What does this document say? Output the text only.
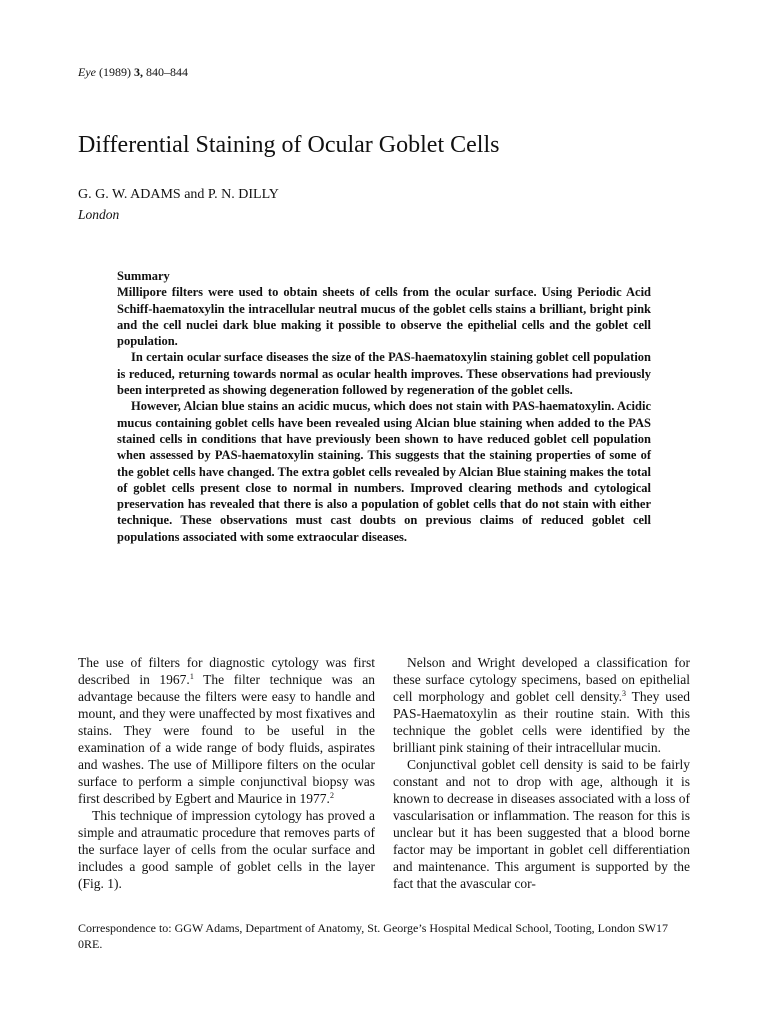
Eye (1989) 3, 840–844
Differential Staining of Ocular Goblet Cells
G. G. W. ADAMS and P. N. DILLY
London
Summary

Millipore filters were used to obtain sheets of cells from the ocular surface. Using Periodic Acid Schiff-haematoxylin the intracellular neutral mucus of the goblet cells stains a brilliant, bright pink and the cell nuclei dark blue making it possible to observe the epithelial cells and the goblet cell population.

In certain ocular surface diseases the size of the PAS-haematoxylin staining goblet cell population is reduced, returning towards normal as ocular health improves. These observations had previously been interpreted as showing degeneration followed by regeneration of the goblet cells.

However, Alcian blue stains an acidic mucus, which does not stain with PAS-haematoxylin. Acidic mucus containing goblet cells have been revealed using Alcian blue staining when added to the PAS stained cells in conditions that have previously been shown to have reduced goblet cell population when assessed by PAS-haematoxylin staining. This suggests that the staining properties of some of the goblet cells have changed. The extra goblet cells revealed by Alcian Blue staining makes the total of goblet cells present close to normal in numbers. Improved clearing methods and cytological preservation has revealed that there is also a population of goblet cells that do not stain with either technique. These observations must cast doubts on previous claims of reduced goblet cell populations associated with some extraocular diseases.

The use of filters for diagnostic cytology was first described in 1967.$^1$ The filter technique was an advantage because the filters were easy to handle and mount, and they were unaffected by most fixatives and stains. They were found to be useful in the examination of a wide range of body fluids, aspirates and washes. The use of Millipore filters on the ocular surface to perform a simple conjunctival biopsy was first described by Egbert and Maurice in 1977.$^2$

This technique of impression cytology has proved a simple and atraumatic procedure that removes parts of the surface layer of cells from the ocular surface and includes a good sample of goblet cells in the layer (Fig. 1).

Nelson and Wright developed a classification for these surface cytology specimens, based on epithelial cell morphology and goblet cell density.$^3$ They used PAS-Haematoxylin as their routine stain. With this technique the goblet cells were identified by the brilliant pink staining of their intracellular mucin.

Conjunctival goblet cell density is said to be fairly constant and not to drop with age, although it is known to decrease in diseases associated with a loss of vascularisation or inflammation. The reason for this is unclear but it has been suggested that a blood borne factor may be important in goblet cell differentiation and maintenance. This argument is supported by the fact that the avascular cor-

Correspondence to: GGW Adams, Department of Anatomy, St. George’s Hospital Medical School, Tooting, London SW17 0RE.
